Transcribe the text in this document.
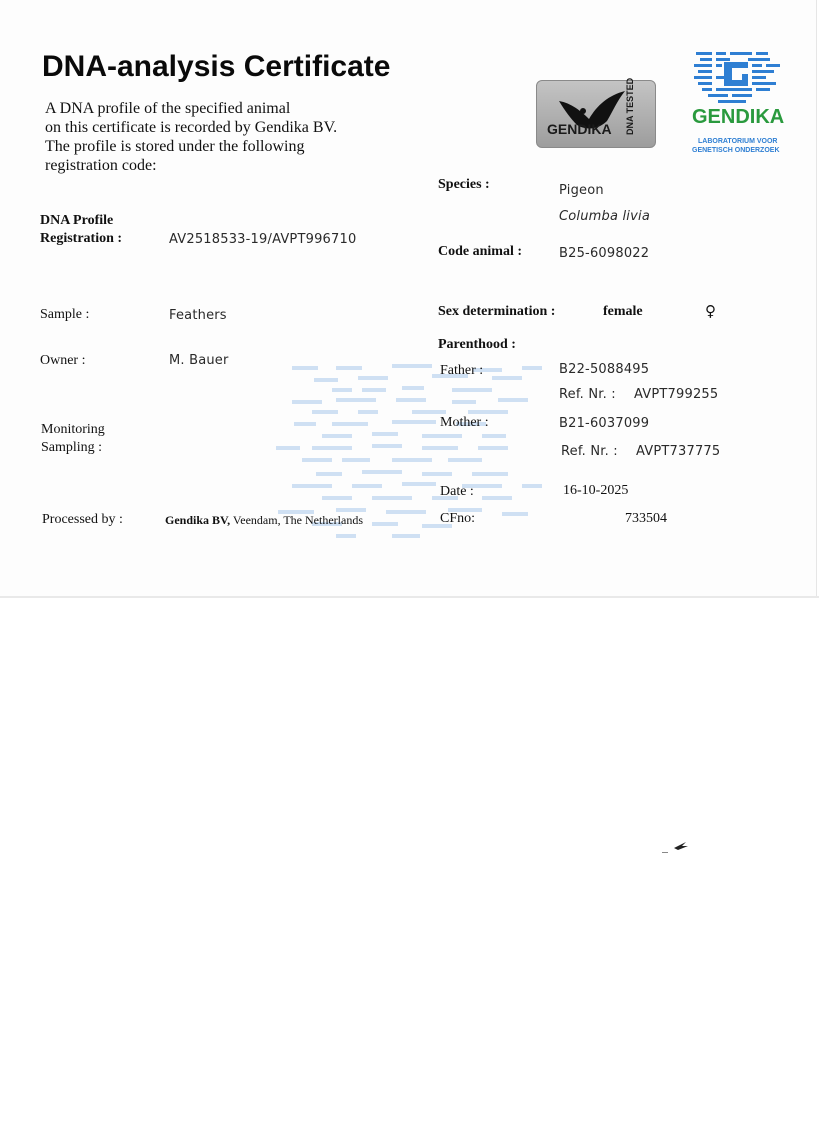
DNA-analysis Certificate
A DNA profile of the specified animal
on this certificate is recorded by Gendika BV.
The profile is stored under the following
registration code:
GENDIKA DNA TESTED	GENDIKA
LABORATORIUM VOOR
GENETISCH ONDERZOEK
DNA Profile
Registration :	AV2518533-19/AVPT996710
Sample :	Feathers
Owner :	M. Bauer
Monitoring
Sampling :
Processed by :	Gendika BV, Veendam, The Netherlands
Species :	Pigeon
Columba livia
Code animal :	B25-6098022
Sex determination :	female	♀
Parenthood :
Father :	B22-5088495
Ref. Nr. : AVPT799255
Mother :	B21-6037099
Ref. Nr. : AVPT737775
Date :	16-10-2025
CFno:	733504
